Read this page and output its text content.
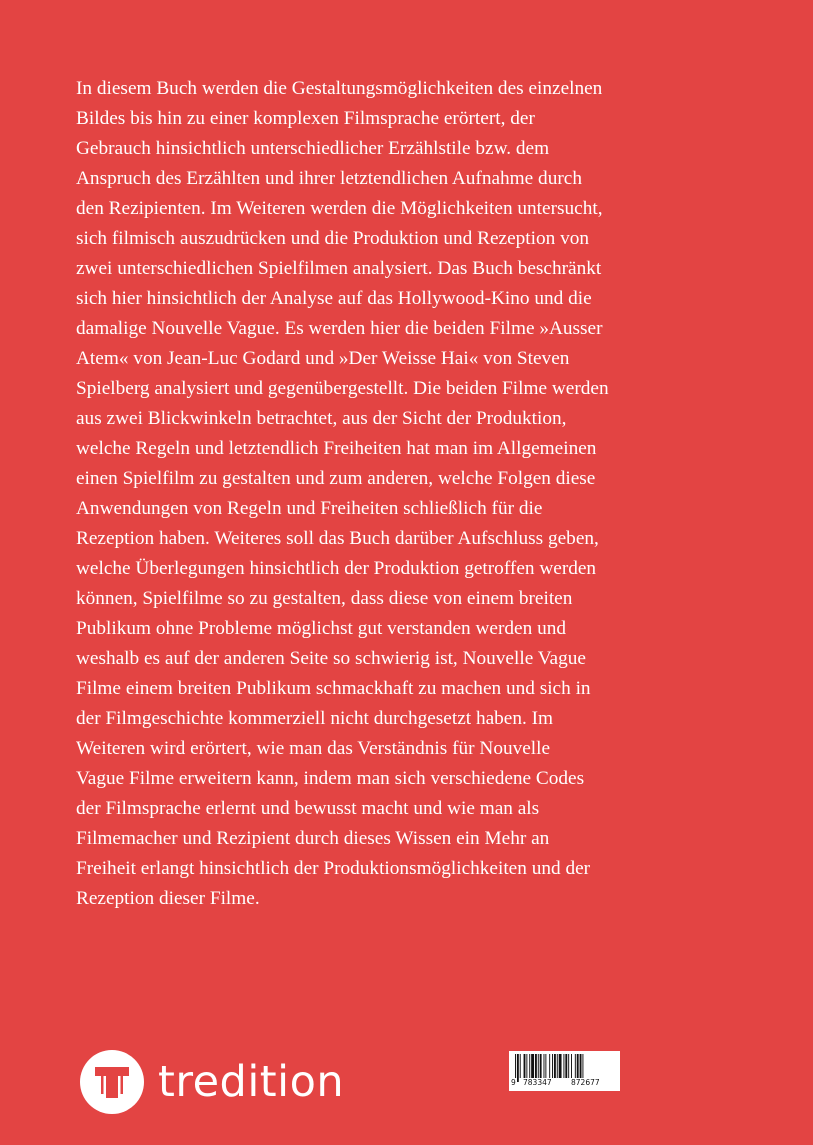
In diesem Buch werden die Gestaltungsmöglichkeiten des einzelnen
Bildes bis hin zu einer komplexen Filmsprache erörtert, der
Gebrauch hinsichtlich unterschiedlicher Erzählstile bzw. dem
Anspruch des Erzählten und ihrer letztendlichen Aufnahme durch
den Rezipienten. Im Weiteren werden die Möglichkeiten untersucht,
sich filmisch auszudrücken und die Produktion und Rezeption von
zwei unterschiedlichen Spielfilmen analysiert. Das Buch beschränkt
sich hier hinsichtlich der Analyse auf das Hollywood-Kino und die
damalige Nouvelle Vague. Es werden hier die beiden Filme »Ausser
Atem« von Jean-Luc Godard und »Der Weisse Hai« von Steven
Spielberg analysiert und gegenübergestellt. Die beiden Filme werden
aus zwei Blickwinkeln betrachtet, aus der Sicht der Produktion,
welche Regeln und letztendlich Freiheiten hat man im Allgemeinen
einen Spielfilm zu gestalten und zum anderen, welche Folgen diese
Anwendungen von Regeln und Freiheiten schließlich für die
Rezeption haben. Weiteres soll das Buch darüber Aufschluss geben,
welche Überlegungen hinsichtlich der Produktion getroffen werden
können, Spielfilme so zu gestalten, dass diese von einem breiten
Publikum ohne Probleme möglichst gut verstanden werden und
weshalb es auf der anderen Seite so schwierig ist, Nouvelle Vague
Filme einem breiten Publikum schmackhaft zu machen und sich in
der Filmgeschichte kommerziell nicht durchgesetzt haben. Im
Weiteren wird erörtert, wie man das Verständnis für Nouvelle
Vague Filme erweitern kann, indem man sich verschiedene Codes
der Filmsprache erlernt und bewusst macht und wie man als
Filmemacher und Rezipient durch dieses Wissen ein Mehr an
Freiheit erlangt hinsichtlich der Produktionsmöglichkeiten und der
Rezeption dieser Filme.

tredition	9 783347	872677
